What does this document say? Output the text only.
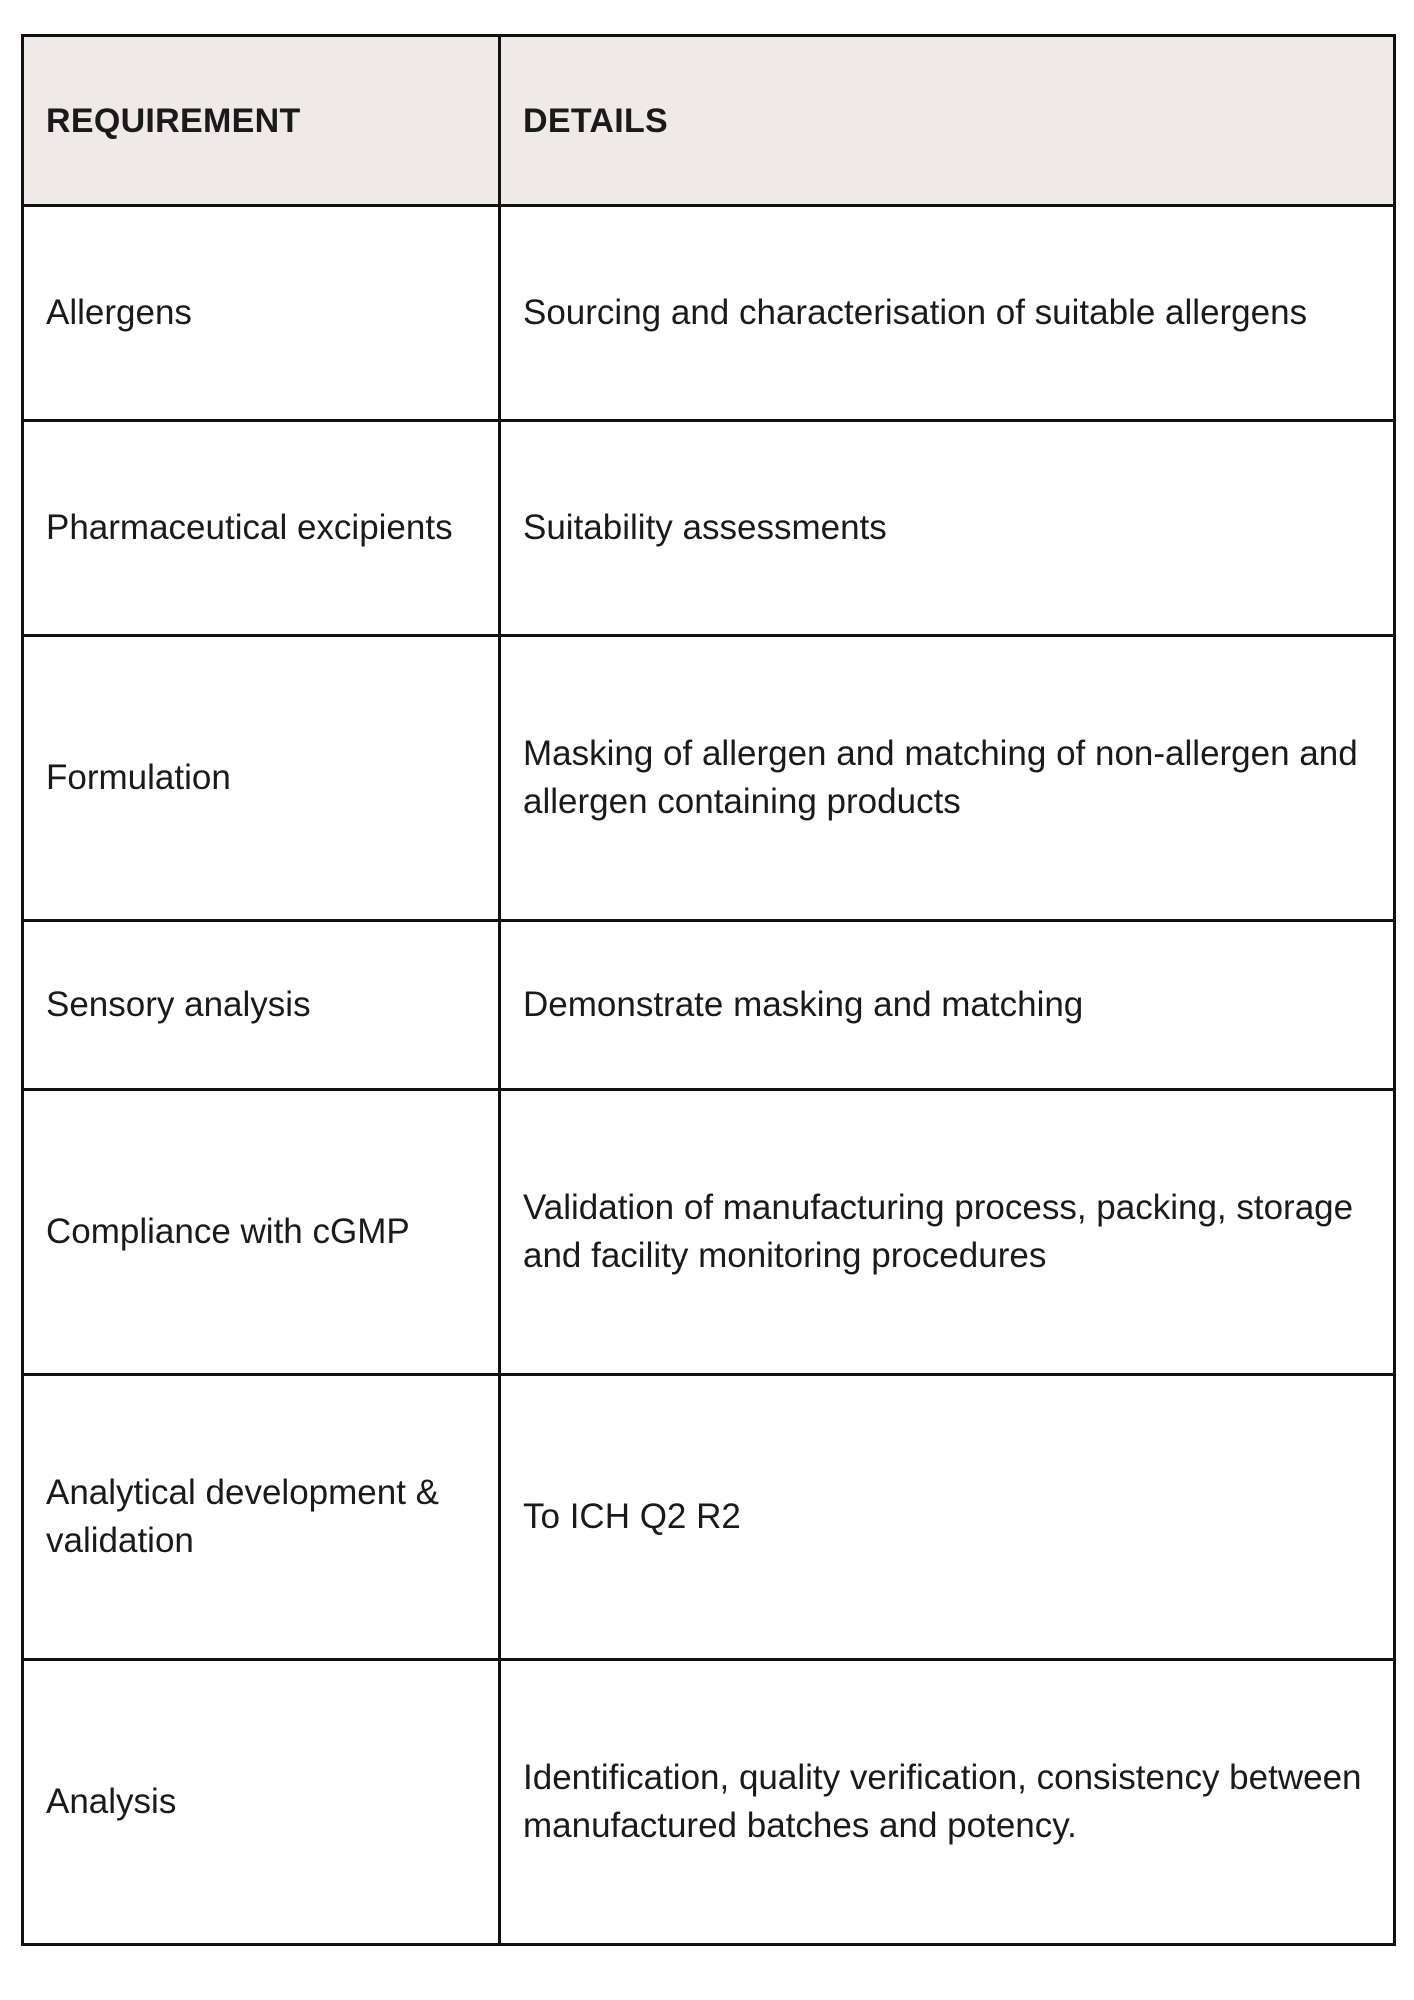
REQUIREMENT	DETAILS
Allergens	Sourcing and characterisation of suitable allergens
Pharmaceutical excipients	Suitability assessments
Formulation	Masking of allergen and matching of non-allergen and allergen containing products
Sensory analysis	Demonstrate masking and matching
Compliance with cGMP	Validation of manufacturing process, packing, storage and facility monitoring procedures
Analytical development & validation	To ICH Q2 R2
Analysis	Identification, quality verification, consistency between manufactured batches and potency.
